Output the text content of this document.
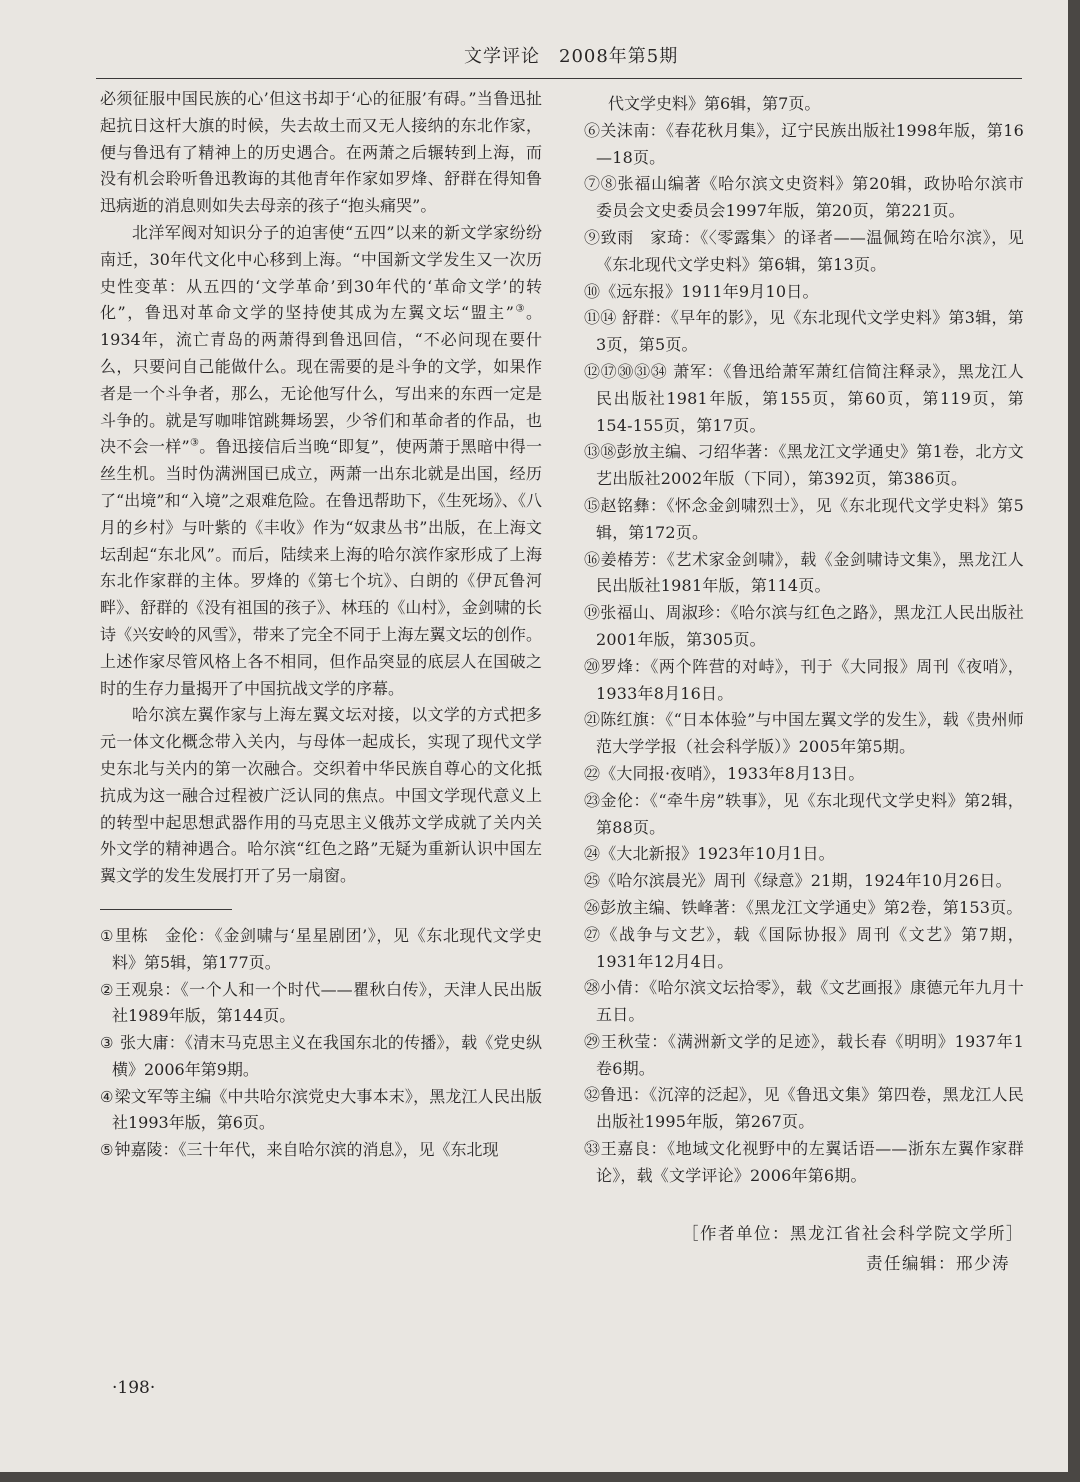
文学评论　2008年第5期

必须征服中国民族的心’但这书却于‘心的征服’有碍。”当鲁迅扯起抗日这杆大旗的时候，失去故土而又无人接纳的东北作家，便与鲁迅有了精神上的历史遇合。在两萧之后辗转到上海，而没有机会聆听鲁迅教诲的其他青年作家如罗烽、舒群在得知鲁迅病逝的消息则如失去母亲的孩子“抱头痛哭”。

北洋军阀对知识分子的迫害使“五四”以来的新文学家纷纷南迁，30年代文化中心移到上海。“中国新文学发生又一次历史性变革：从五四的‘文学革命’到30年代的‘革命文学’的转化”，鲁迅对革命文学的坚持使其成为左翼文坛“盟主”③。1934年，流亡青岛的两萧得到鲁迅回信，“不必问现在要什么，只要问自己能做什么。现在需要的是斗争的文学，如果作者是一个斗争者，那么，无论他写什么，写出来的东西一定是斗争的。就是写咖啡馆跳舞场罢，少爷们和革命者的作品，也决不会一样”③。鲁迅接信后当晚“即复”，使两萧于黑暗中得一丝生机。当时伪满洲国已成立，两萧一出东北就是出国，经历了“出境”和“入境”之艰难危险。在鲁迅帮助下，《生死场》、《八月的乡村》与叶紫的《丰收》作为“奴隶丛书”出版，在上海文坛刮起“东北风”。而后，陆续来上海的哈尔滨作家形成了上海东北作家群的主体。罗烽的《第七个坑》、白朗的《伊瓦鲁河畔》、舒群的《没有祖国的孩子》、林珏的《山村》，金剑啸的长诗《兴安岭的风雪》，带来了完全不同于上海左翼文坛的创作。上述作家尽管风格上各不相同，但作品突显的底层人在国破之时的生存力量揭开了中国抗战文学的序幕。

哈尔滨左翼作家与上海左翼文坛对接，以文学的方式把多元一体文化概念带入关内，与母体一起成长，实现了现代文学史东北与关内的第一次融合。交织着中华民族自尊心的文化抵抗成为这一融合过程被广泛认同的焦点。中国文学现代意义上的转型中起思想武器作用的马克思主义俄苏文学成就了关内关外文学的精神遇合。哈尔滨“红色之路”无疑为重新认识中国左翼文学的发生发展打开了另一扇窗。

①里栋　金伦：《金剑啸与‘星星剧团’》，见《东北现代文学史料》第5辑，第177页。

②王观泉：《一个人和一个时代——瞿秋白传》，天津人民出版社1989年版，第144页。

③ 张大庸：《清末马克思主义在我国东北的传播》，载《党史纵横》2006年第9期。

④梁文军等主编《中共哈尔滨党史大事本末》，黑龙江人民出版社1993年版，第6页。

⑤钟嘉陵：《三十年代，来自哈尔滨的消息》，见《东北现

代文学史料》第6辑，第7页。

⑥关沫南：《春花秋月集》，辽宁民族出版社1998年版，第16—18页。

⑦⑧张福山编著《哈尔滨文史资料》第20辑，政协哈尔滨市委员会文史委员会1997年版，第20页，第221页。

⑨致雨　家琦：《〈零露集〉的译者——温佩筠在哈尔滨》，见《东北现代文学史料》第6辑，第13页。

⑩《远东报》1911年9月10日。

⑪⑭ 舒群：《早年的影》，见《东北现代文学史料》第3辑，第3页，第5页。

⑫⑰㉚㉛㉞ 萧军：《鲁迅给萧军萧红信简注释录》，黑龙江人民出版社1981年版，第155页，第60页，第119页，第154-155页，第17页。

⑬⑱彭放主编、刁绍华著：《黑龙江文学通史》第1卷，北方文艺出版社2002年版（下同），第392页，第386页。

⑮赵铭彝：《怀念金剑啸烈士》，见《东北现代文学史料》第5辑，第172页。

⑯姜椿芳：《艺术家金剑啸》，载《金剑啸诗文集》，黑龙江人民出版社1981年版，第114页。

⑲张福山、周淑珍：《哈尔滨与红色之路》，黑龙江人民出版社2001年版，第305页。

⑳罗烽：《两个阵营的对峙》，刊于《大同报》周刊《夜哨》，1933年8月16日。

㉑陈红旗：《“日本体验”与中国左翼文学的发生》，载《贵州师范大学学报（社会科学版）》2005年第5期。

㉒《大同报·夜哨》，1933年8月13日。

㉓金伦：《“牵牛房”轶事》，见《东北现代文学史料》第2辑，第88页。

㉔《大北新报》1923年10月1日。

㉕《哈尔滨晨光》周刊《绿意》21期，1924年10月26日。

㉖彭放主编、铁峰著：《黑龙江文学通史》第2卷，第153页。

㉗《战争与文艺》，载《国际协报》周刊《文艺》第7期，1931年12月4日。

㉘小倩：《哈尔滨文坛拾零》，载《文艺画报》康德元年九月十五日。

㉙王秋莹：《满洲新文学的足迹》，载长春《明明》1937年1卷6期。

㉜鲁迅：《沉滓的泛起》，见《鲁迅文集》第四卷，黑龙江人民出版社1995年版，第267页。

㉝王嘉良：《地域文化视野中的左翼话语——浙东左翼作家群论》，载《文学评论》2006年第6期。

［作者单位：黑龙江省社会科学院文学所］
责任编辑：邢少涛
·198·
